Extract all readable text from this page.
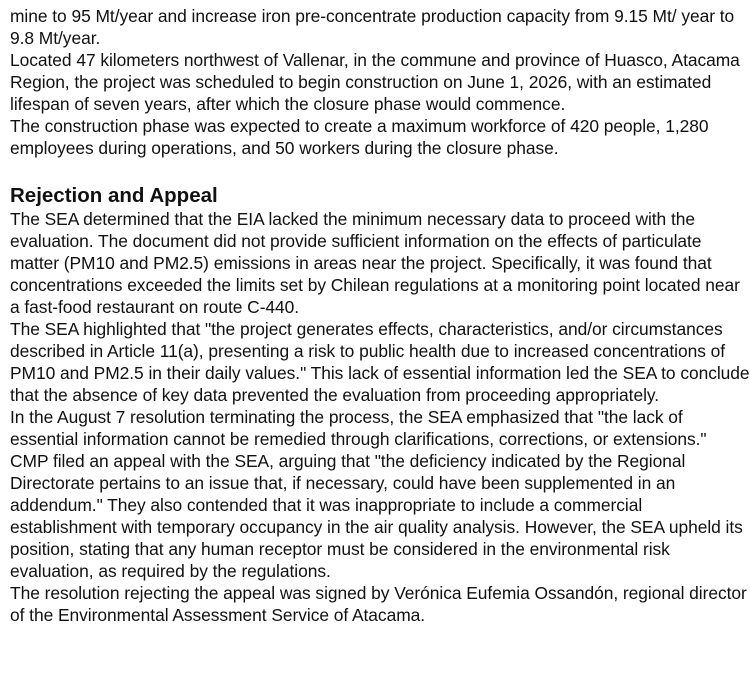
mine to 95 Mt/year and increase iron pre-concentrate production capacity from 9.15 Mt/ year to 9.8 Mt/year.

Located 47 kilometers northwest of Vallenar, in the commune and province of Huasco, Atacama Region, the project was scheduled to begin construction on June 1, 2026, with an estimated lifespan of seven years, after which the closure phase would commence.

The construction phase was expected to create a maximum workforce of 420 people, 1,280 employees during operations, and 50 workers during the closure phase.

Rejection and Appeal

The SEA determined that the EIA lacked the minimum necessary data to proceed with the evaluation. The document did not provide sufficient information on the effects of particulate matter (PM10 and PM2.5) emissions in areas near the project. Specifically, it was found that concentrations exceeded the limits set by Chilean regulations at a monitoring point located near a fast-food restaurant on route C-440.

The SEA highlighted that "the project generates effects, characteristics, and/or circumstances described in Article 11(a), presenting a risk to public health due to increased concentrations of PM10 and PM2.5 in their daily values." This lack of essential information led the SEA to conclude that the absence of key data prevented the evaluation from proceeding appropriately.

In the August 7 resolution terminating the process, the SEA emphasized that "the lack of essential information cannot be remedied through clarifications, corrections, or extensions."

CMP filed an appeal with the SEA, arguing that "the deficiency indicated by the Regional Directorate pertains to an issue that, if necessary, could have been supplemented in an addendum." They also contended that it was inappropriate to include a commercial establishment with temporary occupancy in the air quality analysis. However, the SEA upheld its position, stating that any human receptor must be considered in the environmental risk evaluation, as required by the regulations.

The resolution rejecting the appeal was signed by Verónica Eufemia Ossandón, regional director of the Environmental Assessment Service of Atacama.
